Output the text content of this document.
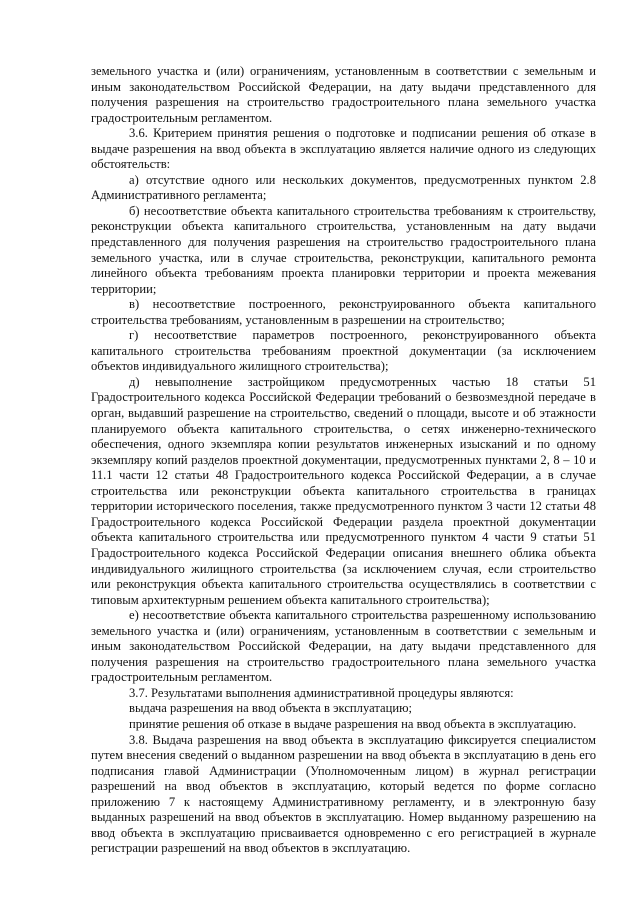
земельного участка и (или) ограничениям, установленным в соответствии с земельным и иным законодательством Российской Федерации, на дату выдачи представленного для получения разрешения на строительство градостроительного плана земельного участка градостроительным регламентом.

3.6. Критерием принятия решения о подготовке и подписании решения об отказе в выдаче разрешения на ввод объекта в эксплуатацию является наличие одного из следующих обстоятельств:

а) отсутствие одного или нескольких документов, предусмотренных пунктом 2.8 Административного регламента;

б) несоответствие объекта капитального строительства требованиям к строительству, реконструкции объекта капитального строительства, установленным на дату выдачи представленного для получения разрешения на строительство градостроительного плана земельного участка, или в случае строительства, реконструкции, капитального ремонта линейного объекта требованиям проекта планировки территории и проекта межевания территории;

в) несоответствие построенного, реконструированного объекта капитального строительства требованиям, установленным в разрешении на строительство;

г) несоответствие параметров построенного, реконструированного объекта капитального строительства требованиям проектной документации (за исключением объектов индивидуального жилищного строительства);

д) невыполнение застройщиком предусмотренных частью 18 статьи 51 Градостроительного кодекса Российской Федерации требований о безвозмездной передаче в орган, выдавший разрешение на строительство, сведений о площади, высоте и об этажности планируемого объекта капитального строительства, о сетях инженерно-технического обеспечения, одного экземпляра копии результатов инженерных изысканий и по одному экземпляру копий разделов проектной документации, предусмотренных пунктами 2, 8 – 10 и 11.1 части 12 статьи 48 Градостроительного кодекса Российской Федерации, а в случае строительства или реконструкции объекта капитального строительства в границах территории исторического поселения, также предусмотренного пунктом 3 части 12 статьи 48 Градостроительного кодекса Российской Федерации раздела проектной документации объекта капитального строительства или предусмотренного пунктом 4 части 9 статьи 51 Градостроительного кодекса Российской Федерации описания внешнего облика объекта индивидуального жилищного строительства (за исключением случая, если строительство или реконструкция объекта капитального строительства осуществлялись в соответствии с типовым архитектурным решением объекта капитального строительства);

е) несоответствие объекта капитального строительства разрешенному использованию земельного участка и (или) ограничениям, установленным в соответствии с земельным и иным законодательством Российской Федерации, на дату выдачи представленного для получения разрешения на строительство градостроительного плана земельного участка градостроительным регламентом.

3.7. Результатами выполнения административной процедуры являются:

выдача разрешения на ввод объекта в эксплуатацию;

принятие решения об отказе в выдаче разрешения на ввод объекта в эксплуатацию.

3.8. Выдача разрешения на ввод объекта в эксплуатацию фиксируется специалистом путем внесения сведений о выданном разрешении на ввод объекта в эксплуатацию в день его подписания главой Администрации (Уполномоченным лицом) в журнал регистрации разрешений на ввод объектов в эксплуатацию, который ведется по форме согласно приложению 7 к настоящему Административному регламенту, и в электронную базу выданных разрешений на ввод объектов в эксплуатацию. Номер выданному разрешению на ввод объекта в эксплуатацию присваивается одновременно с его регистрацией в журнале регистрации разрешений на ввод объектов в эксплуатацию.
